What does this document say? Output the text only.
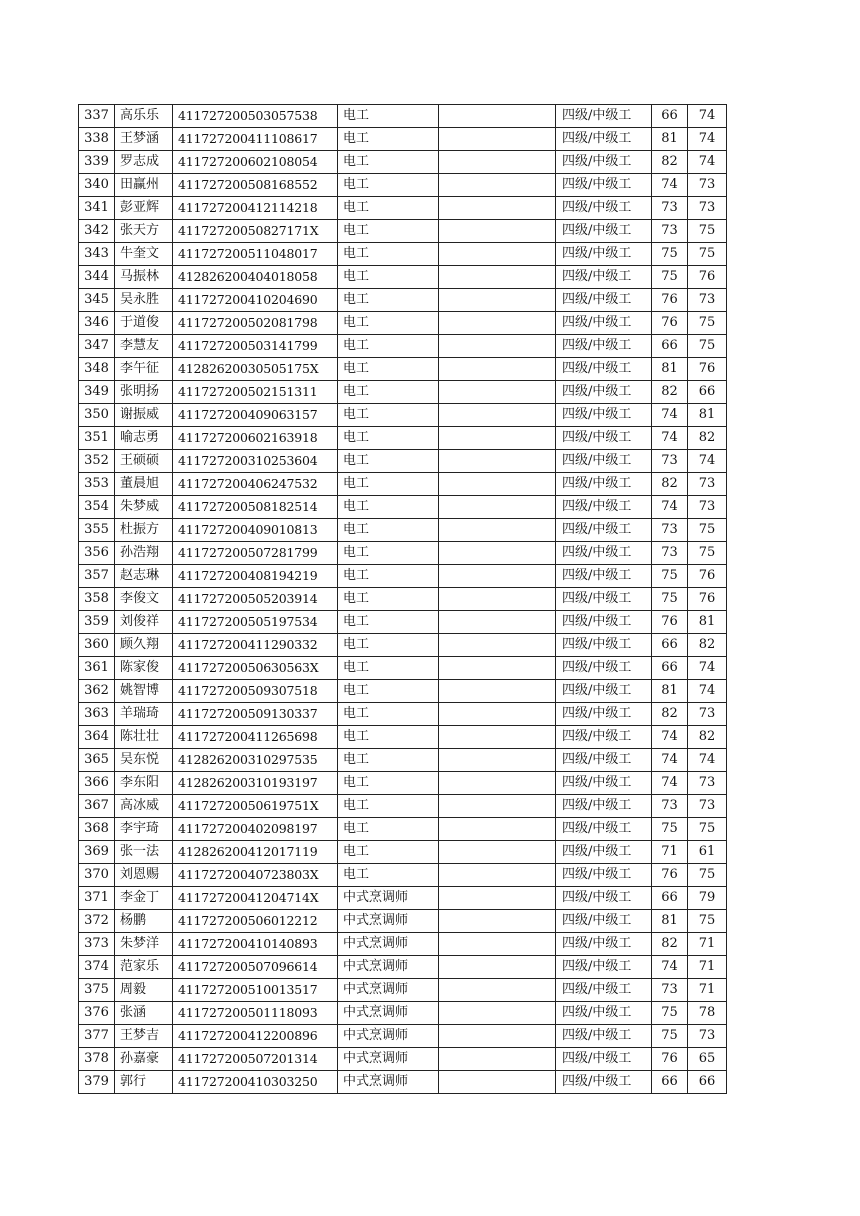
337	高乐乐	411727200503057538	电工		四级/中级工	66	74
338	王梦涵	411727200411108617	电工		四级/中级工	81	74
339	罗志成	411727200602108054	电工		四级/中级工	82	74
340	田赢州	411727200508168552	电工		四级/中级工	74	73
341	彭亚辉	411727200412114218	电工		四级/中级工	73	73
342	张天方	41172720050827171X	电工		四级/中级工	73	75
343	牛奎文	411727200511048017	电工		四级/中级工	75	75
344	马振林	412826200404018058	电工		四级/中级工	75	76
345	吴永胜	411727200410204690	电工		四级/中级工	76	73
346	于道俊	411727200502081798	电工		四级/中级工	76	75
347	李慧友	411727200503141799	电工		四级/中级工	66	75
348	李午征	41282620030505175X	电工		四级/中级工	81	76
349	张明扬	411727200502151311	电工		四级/中级工	82	66
350	谢振威	411727200409063157	电工		四级/中级工	74	81
351	喻志勇	411727200602163918	电工		四级/中级工	74	82
352	王硕硕	411727200310253604	电工		四级/中级工	73	74
353	董晨旭	411727200406247532	电工		四级/中级工	82	73
354	朱梦威	411727200508182514	电工		四级/中级工	74	73
355	杜振方	411727200409010813	电工		四级/中级工	73	75
356	孙浩翔	411727200507281799	电工		四级/中级工	73	75
357	赵志琳	411727200408194219	电工		四级/中级工	75	76
358	李俊文	411727200505203914	电工		四级/中级工	75	76
359	刘俊祥	411727200505197534	电工		四级/中级工	76	81
360	顾久翔	411727200411290332	电工		四级/中级工	66	82
361	陈家俊	41172720050630563X	电工		四级/中级工	66	74
362	姚智博	411727200509307518	电工		四级/中级工	81	74
363	羊瑞琦	411727200509130337	电工		四级/中级工	82	73
364	陈壮壮	411727200411265698	电工		四级/中级工	74	82
365	吴东悦	412826200310297535	电工		四级/中级工	74	74
366	李东阳	412826200310193197	电工		四级/中级工	74	73
367	高冰威	41172720050619751X	电工		四级/中级工	73	73
368	李宇琦	411727200402098197	电工		四级/中级工	75	75
369	张一法	412826200412017119	电工		四级/中级工	71	61
370	刘恩赐	41172720040723803X	电工		四级/中级工	76	75
371	李金丁	41172720041204714X	中式烹调师		四级/中级工	66	79
372	杨鹏	411727200506012212	中式烹调师		四级/中级工	81	75
373	朱梦洋	411727200410140893	中式烹调师		四级/中级工	82	71
374	范家乐	411727200507096614	中式烹调师		四级/中级工	74	71
375	周毅	411727200510013517	中式烹调师		四级/中级工	73	71
376	张涵	411727200501118093	中式烹调师		四级/中级工	75	78
377	王梦吉	411727200412200896	中式烹调师		四级/中级工	75	73
378	孙嘉豪	411727200507201314	中式烹调师		四级/中级工	76	65
379	郭行	411727200410303250	中式烹调师		四级/中级工	66	66
